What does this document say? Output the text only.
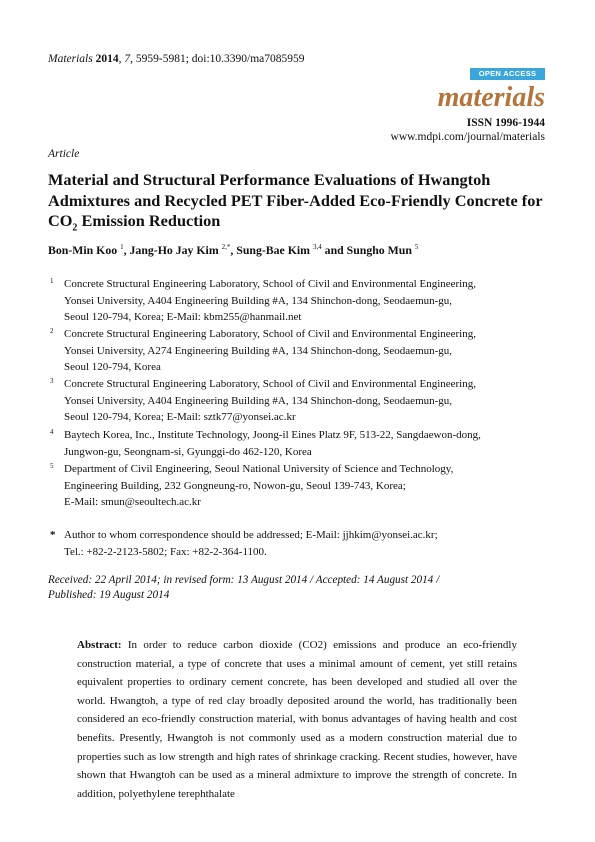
Materials 2014, 7, 5959-5981; doi:10.3390/ma7085959
OPEN ACCESS
materials
ISSN 1996-1944
www.mdpi.com/journal/materials
Article
Material and Structural Performance Evaluations of Hwangtoh Admixtures and Recycled PET Fiber-Added Eco-Friendly Concrete for $CO_2$ Emission Reduction
Bon-Min Koo $^1$, Jang-Ho Jay Kim $^{2,*}$, Sung-Bae Kim $^{3,4}$ and Sungho Mun $^5$
1 Concrete Structural Engineering Laboratory, School of Civil and Environmental Engineering,
Yonsei University, A404 Engineering Building #A, 134 Shinchon-dong, Seodaemun-gu,
Seoul 120-794, Korea; E-Mail: kbm255@hanmail.net
2 Concrete Structural Engineering Laboratory, School of Civil and Environmental Engineering,
Yonsei University, A274 Engineering Building #A, 134 Shinchon-dong, Seodaemun-gu,
Seoul 120-794, Korea
3 Concrete Structural Engineering Laboratory, School of Civil and Environmental Engineering,
Yonsei University, A404 Engineering Building #A, 134 Shinchon-dong, Seodaemun-gu,
Seoul 120-794, Korea; E-Mail: sztk77@yonsei.ac.kr
4 Baytech Korea, Inc., Institute Technology, Joong-il Eines Platz 9F, 513-22, Sangdaewon-dong,
Jungwon-gu, Seongnam-si, Gyunggi-do 462-120, Korea
5 Department of Civil Engineering, Seoul National University of Science and Technology,
Engineering Building, 232 Gongneung-ro, Nowon-gu, Seoul 139-743, Korea;
E-Mail: smun@seoultech.ac.kr
* Author to whom correspondence should be addressed; E-Mail: jjhkim@yonsei.ac.kr;
Tel.: +82-2-2123-5802; Fax: +82-2-364-1100.
Received: 22 April 2014; in revised form: 13 August 2014 / Accepted: 14 August 2014 /
Published: 19 August 2014
Abstract: In order to reduce carbon dioxide (CO2) emissions and produce an eco-friendly construction material, a type of concrete that uses a minimal amount of cement, yet still retains equivalent properties to ordinary cement concrete, has been developed and studied all over the world. Hwangtoh, a type of red clay broadly deposited around the world, has traditionally been considered an eco-friendly construction material, with bonus advantages of having health and cost benefits. Presently, Hwangtoh is not commonly used as a modern construction material due to properties such as low strength and high rates of shrinkage cracking. Recent studies, however, have shown that Hwangtoh can be used as a mineral admixture to improve the strength of concrete. In addition, polyethylene terephthalate
